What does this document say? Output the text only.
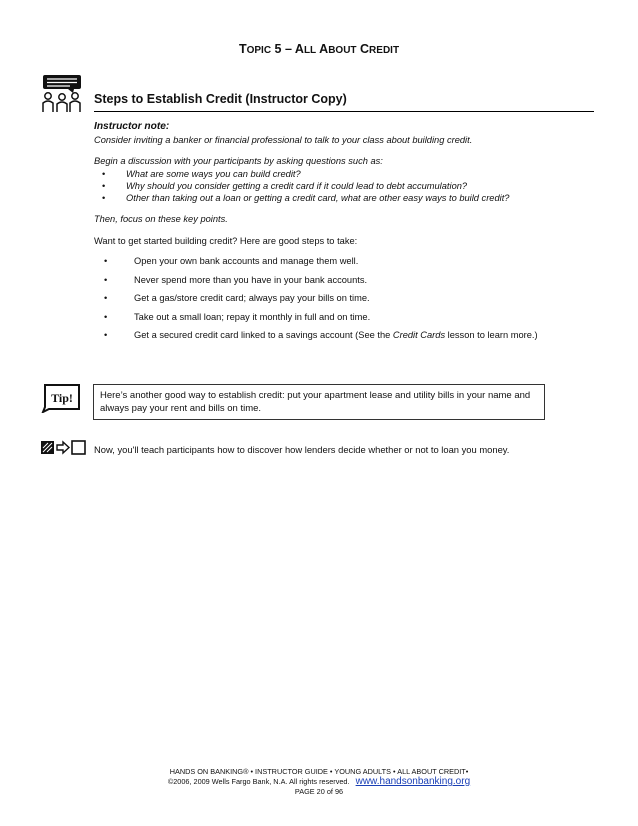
TOPIC 5 – ALL ABOUT CREDIT
Steps to Establish Credit (Instructor Copy)

Instructor note:

Consider inviting a banker or financial professional to talk to your class about building credit.

Begin a discussion with your participants by asking questions such as:

• What are some ways you can build credit?
• Why should you consider getting a credit card if it could lead to debt accumulation?
• Other than taking out a loan or getting a credit card, what are other easy ways to build credit?

Then, focus on these key points.

Want to get started building credit? Here are good steps to take:

• Open your own bank accounts and manage them well.
• Never spend more than you have in your bank accounts.
• Get a gas/store credit card; always pay your bills on time.
• Take out a small loan; repay it monthly in full and on time.
• Get a secured credit card linked to a savings account (See the Credit Cards lesson to learn more.)
Tip!	Here’s another good way to establish credit: put your apartment lease and utility bills in your name and always pay your rent and bills on time.
Now, you'll teach participants how to discover how lenders decide whether or not to loan you money.
HANDS ON BANKING® • INSTRUCTOR GUIDE • YOUNG ADULTS • ALL ABOUT CREDIT•
©2006, 2009 Wells Fargo Bank, N.A. All rights reserved. www.handsonbanking.org
PAGE 20 of 96
